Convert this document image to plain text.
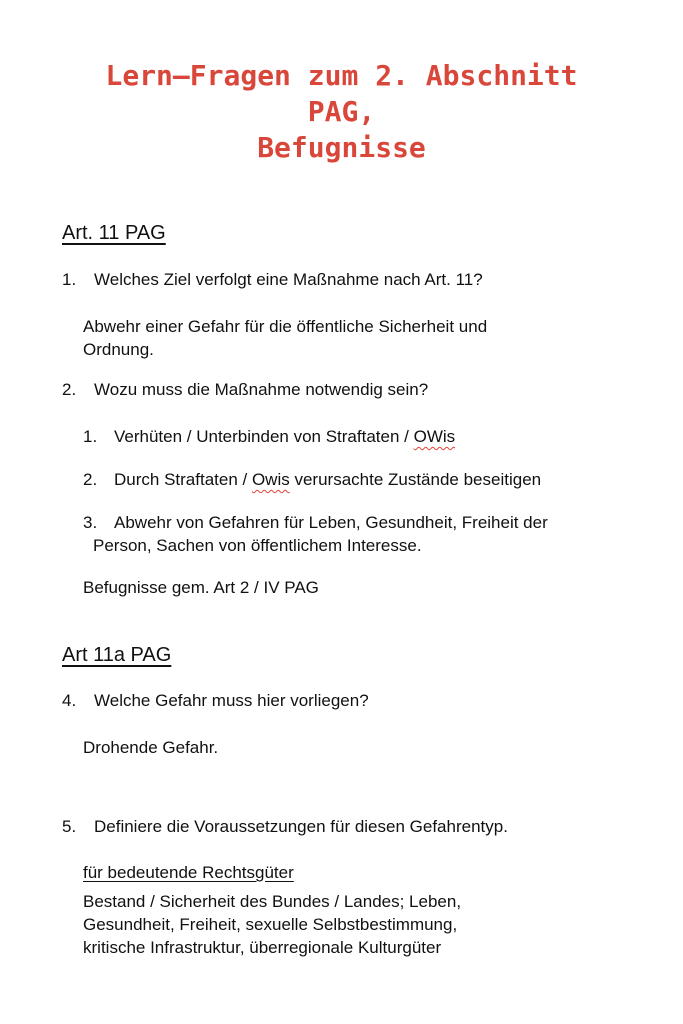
Lern–Fragen zum 2. Abschnitt
PAG,
Befugnisse
Art. 11 PAG
1. Welches Ziel verfolgt eine Maßnahme nach Art. 11?
Abwehr einer Gefahr für die öffentliche Sicherheit und
Ordnung.
2. Wozu muss die Maßnahme notwendig sein?
1. Verhüten / Unterbinden von Straftaten / OWis
2. Durch Straftaten / Owis verursachte Zustände beseitigen
3. Abwehr von Gefahren für Leben, Gesundheit, Freiheit der
Person, Sachen von öffentlichem Interesse.
Befugnisse gem. Art 2 / IV PAG
Art 11a PAG
4. Welche Gefahr muss hier vorliegen?
Drohende Gefahr.
5. Definiere die Voraussetzungen für diesen Gefahrentyp.
für bedeutende Rechtsgüter
Bestand / Sicherheit des Bundes / Landes; Leben,
Gesundheit, Freiheit, sexuelle Selbstbestimmung,
kritische Infrastruktur, überregionale Kulturgüter
